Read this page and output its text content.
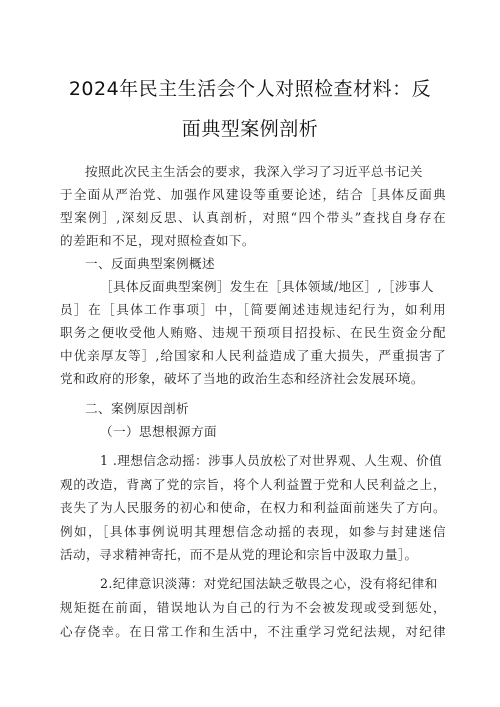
2024年民主生活会个人对照检查材料：反
面典型案例剖析
按照此次民主生活会的要求，我深入学习了习近平总书记关
于全面从严治党、加强作风建设等重要论述，结合［具体反面典
型案例］,深刻反思、认真剖析，对照“四个带头”查找自身存在
的差距和不足，现对照检查如下。
一、反面典型案例概述
［具体反面典型案例］发生在［具体领域/地区］,［涉事人
员］在［具体工作事项］中，［简要阐述违规违纪行为，如利用
职务之便收受他人贿赂、违规干预项目招投标、在民生资金分配
中优亲厚友等］,给国家和人民利益造成了重大损失，严重损害了
党和政府的形象，破坏了当地的政治生态和经济社会发展环境。
二、案例原因剖析
（一）思想根源方面
1 .理想信念动摇：涉事人员放松了对世界观、人生观、价值
观的改造，背离了党的宗旨，将个人利益置于党和人民利益之上，
丧失了为人民服务的初心和使命，在权力和利益面前迷失了方向。
例如，［具体事例说明其理想信念动摇的表现，如参与封建迷信
活动，寻求精神寄托，而不是从党的理论和宗旨中汲取力量］。
2.纪律意识淡薄：对党纪国法缺乏敬畏之心，没有将纪律和
规矩挺在前面，错误地认为自己的行为不会被发现或受到惩处，
心存侥幸。在日常工作和生活中，不注重学习党纪法规，对纪律
